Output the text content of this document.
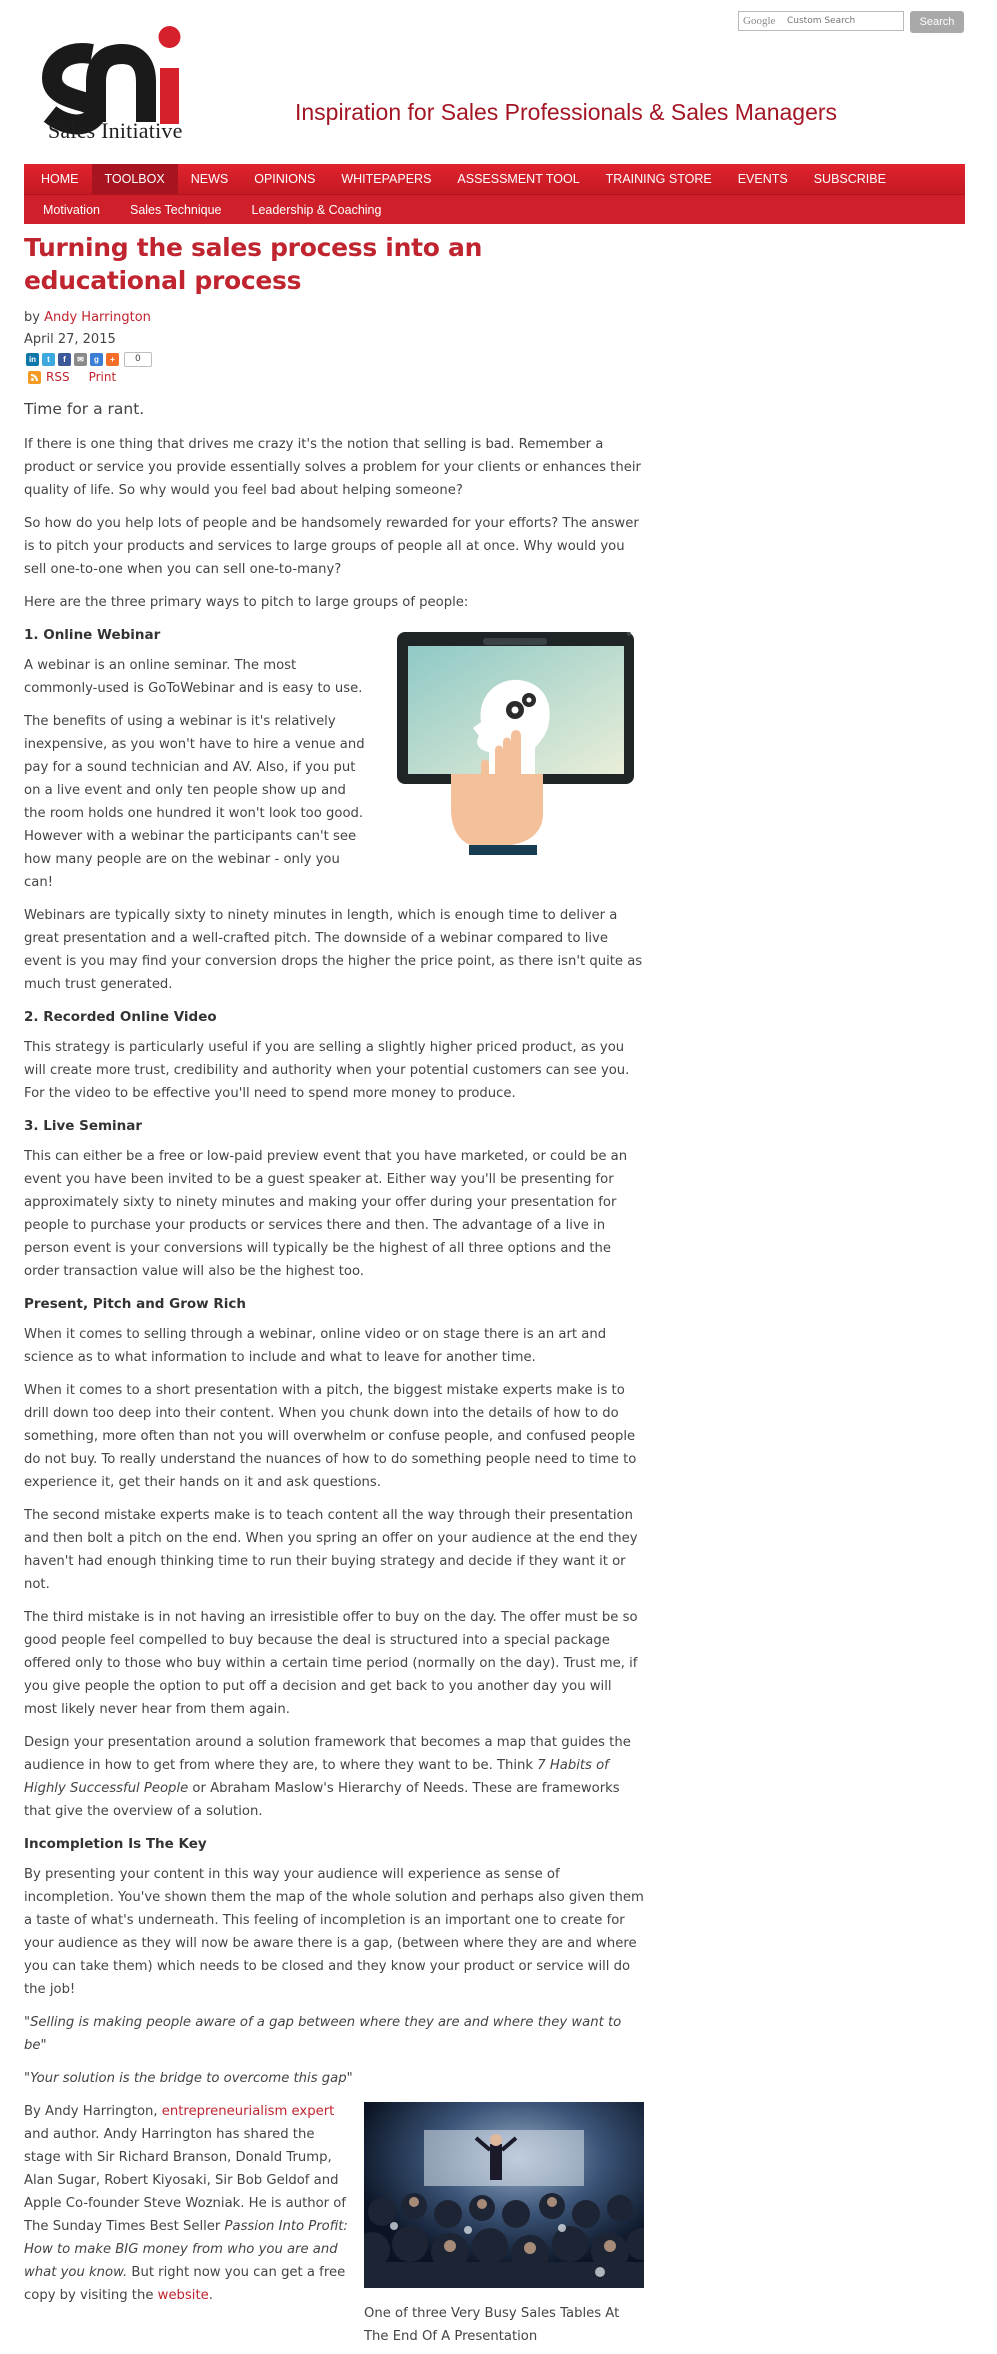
Google
Custom Search	Search
Sales Initiative
Inspiration for Sales Professionals & Sales Managers
HOME	TOOLBOX	NEWS	OPINIONS	WHITEPAPERS	ASSESSMENT TOOL	TRAINING STORE	EVENTS	SUBSCRIBE
Motivation	Sales Technique	Leadership & Coaching
Turning the sales process into an educational process
by Andy Harrington
April 27, 2015
in	t	f	✉	g	+	0
RSS Print

Time for a rant.

If there is one thing that drives me crazy it's the notion that selling is bad. Remember a product or service you provide essentially solves a problem for your clients or enhances their quality of life. So why would you feel bad about helping someone?

So how do you help lots of people and be handsomely rewarded for your efforts? The answer is to pitch your products and services to large groups of people all at once. Why would you sell one-to-one when you can sell one-to-many?

Here are the three primary ways to pitch to large groups of people:

1. Online Webinar

A webinar is an online seminar. The most commonly-used is GoToWebinar and is easy to use.

The benefits of using a webinar is it's relatively inexpensive, as you won't have to hire a venue and pay for a sound technician and AV. Also, if you put on a live event and only ten people show up and the room holds one hundred it won't look too good. However with a webinar the participants can't see how many people are on the webinar - only you can!

Webinars are typically sixty to ninety minutes in length, which is enough time to deliver a great presentation and a well-crafted pitch. The downside of a webinar compared to live event is you may find your conversion drops the higher the price point, as there isn't quite as much trust generated.

2. Recorded Online Video

This strategy is particularly useful if you are selling a slightly higher priced product, as you will create more trust, credibility and authority when your potential customers can see you. For the video to be effective you'll need to spend more money to produce.

3. Live Seminar

This can either be a free or low-paid preview event that you have marketed, or could be an event you have been invited to be a guest speaker at. Either way you'll be presenting for approximately sixty to ninety minutes and making your offer during your presentation for people to purchase your products or services there and then. The advantage of a live in person event is your conversions will typically be the highest of all three options and the order transaction value will also be the highest too.

Present, Pitch and Grow Rich

When it comes to selling through a webinar, online video or on stage there is an art and science as to what information to include and what to leave for another time.

When it comes to a short presentation with a pitch, the biggest mistake experts make is to drill down too deep into their content. When you chunk down into the details of how to do something, more often than not you will overwhelm or confuse people, and confused people do not buy. To really understand the nuances of how to do something people need to time to experience it, get their hands on it and ask questions.

The second mistake experts make is to teach content all the way through their presentation and then bolt a pitch on the end. When you spring an offer on your audience at the end they haven't had enough thinking time to run their buying strategy and decide if they want it or not.

The third mistake is in not having an irresistible offer to buy on the day. The offer must be so good people feel compelled to buy because the deal is structured into a special package offered only to those who buy within a certain time period (normally on the day). Trust me, if you give people the option to put off a decision and get back to you another day you will most likely never hear from them again.

Design your presentation around a solution framework that becomes a map that guides the audience in how to get from where they are, to where they want to be. Think 7 Habits of Highly Successful People or Abraham Maslow's Hierarchy of Needs. These are frameworks that give the overview of a solution.

Incompletion Is The Key

By presenting your content in this way your audience will experience as sense of incompletion. You've shown them the map of the whole solution and perhaps also given them a taste of what's underneath. This feeling of incompletion is an important one to create for your audience as they will now be aware there is a gap, (between where they are and where you can take them) which needs to be closed and they know your product or service will do the job!

"Selling is making people aware of a gap between where they are and where they want to be"

"Your solution is the bridge to overcome this gap"

One of three Very Busy Sales Tables At The End Of A Presentation

By Andy Harrington, entrepreneurialism expert and author. Andy Harrington has shared the stage with Sir Richard Branson, Donald Trump, Alan Sugar, Robert Kiyosaki, Sir Bob Geldof and Apple Co-founder Steve Wozniak. He is author of The Sunday Times Best Seller Passion Into Profit: How to make BIG money from who you are and what you know. But right now you can get a free copy by visiting the website.
